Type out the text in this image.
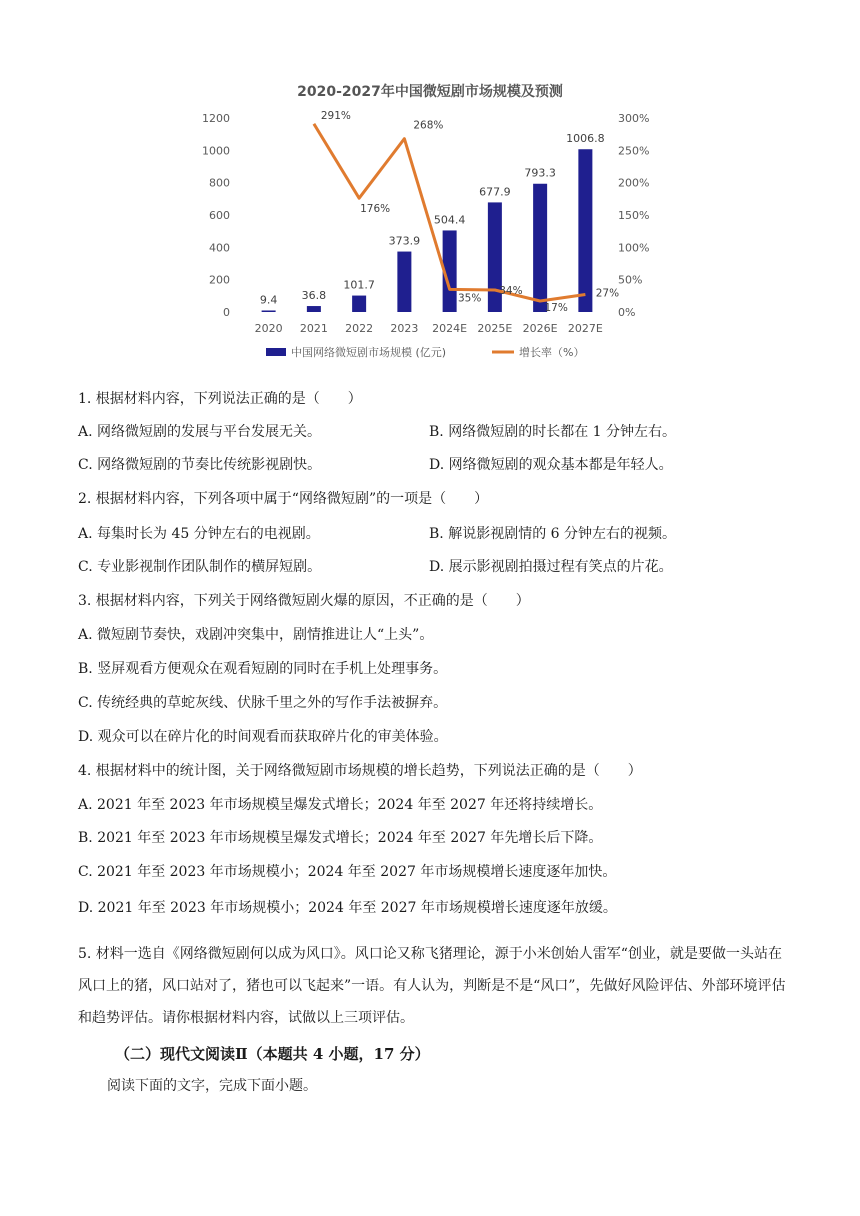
2020-2027年中国微短剧市场规模及预测
0
200
400
600
800
1000
1200
0%
50%
100%
150%
200%
250%
300%
9.4
2020
36.8
2021
101.7
2022
373.9
2023
504.4
2024E
677.9
2025E
793.3
2026E
1006.8
2027E
291%
176%
268%
35%
34%
17%
27%
中国网络微短剧市场规模 (亿元)	增长率（%）
1. 根据材料内容，下列说法正确的是（　　）
A. 网络微短剧的发展与平台发展无关。	B. 网络微短剧的时长都在 1 分钟左右。
C. 网络微短剧的节奏比传统影视剧快。	D. 网络微短剧的观众基本都是年轻人。
2. 根据材料内容，下列各项中属于“网络微短剧”的一项是（　　）
A. 每集时长为 45 分钟左右的电视剧。	B. 解说影视剧情的 6 分钟左右的视频。
C. 专业影视制作团队制作的横屏短剧。	D. 展示影视剧拍摄过程有笑点的片花。
3. 根据材料内容，下列关于网络微短剧火爆的原因，不正确的是（　　）
A. 微短剧节奏快，戏剧冲突集中，剧情推进让人“上头”。
B. 竖屏观看方便观众在观看短剧的同时在手机上处理事务。
C. 传统经典的草蛇灰线、伏脉千里之外的写作手法被摒弃。
D. 观众可以在碎片化的时间观看而获取碎片化的审美体验。
4. 根据材料中的统计图，关于网络微短剧市场规模的增长趋势，下列说法正确的是（　　）
A. 2021 年至 2023 年市场规模呈爆发式增长；2024 年至 2027 年还将持续增长。
B. 2021 年至 2023 年市场规模呈爆发式增长；2024 年至 2027 年先增长后下降。
C. 2021 年至 2023 年市场规模小；2024 年至 2027 年市场规模增长速度逐年加快。
D. 2021 年至 2023 年市场规模小；2024 年至 2027 年市场规模增长速度逐年放缓。
5. 材料一选自《网络微短剧何以成为风口》。风口论又称飞猪理论，源于小米创始人雷军“创业，就是要做一头站在风口上的猪，风口站对了，猪也可以飞起来”一语。有人认为，判断是不是“风口”，先做好风险评估、外部环境评估和趋势评估。请你根据材料内容，试做以上三项评估。
（二）现代文阅读Ⅱ（本题共 4 小题，17 分）
阅读下面的文字，完成下面小题。
